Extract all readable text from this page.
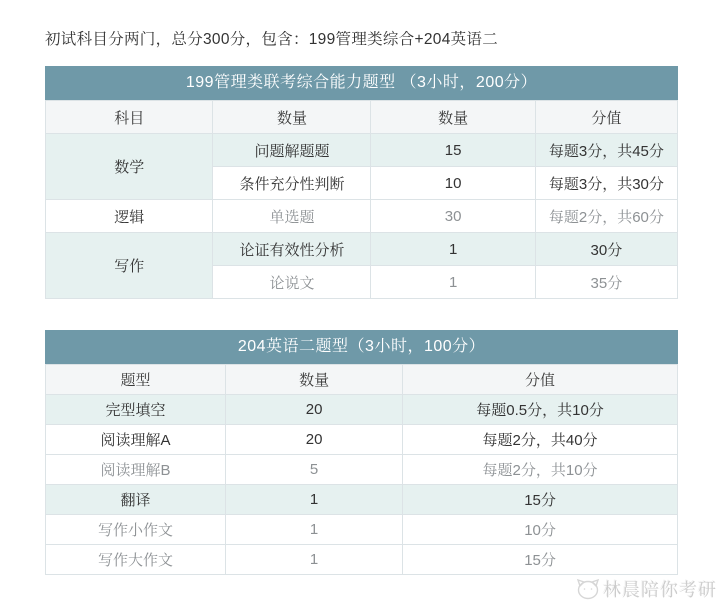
初试科目分两门，总分300分，包含：199管理类综合+204英语二

199管理类联考综合能力题型 （3小时，200分）
科目	数量	数量	分值
数学	问题解题题	15	每题3分，共45分
	条件充分性判断	10	每题3分，共30分
逻辑	单选题	30	每题2分，共60分
写作	论证有效性分析	1	30分
	论说文	1	35分
204英语二题型（3小时，100分）
题型	数量	分值
完型填空	20	每题0.5分，共10分
阅读理解A	20	每题2分，共40分
阅读理解B	5	每题2分，共10分
翻译	1	15分
写作小作文	1	10分
写作大作文	1	15分
林晨陪你考研
